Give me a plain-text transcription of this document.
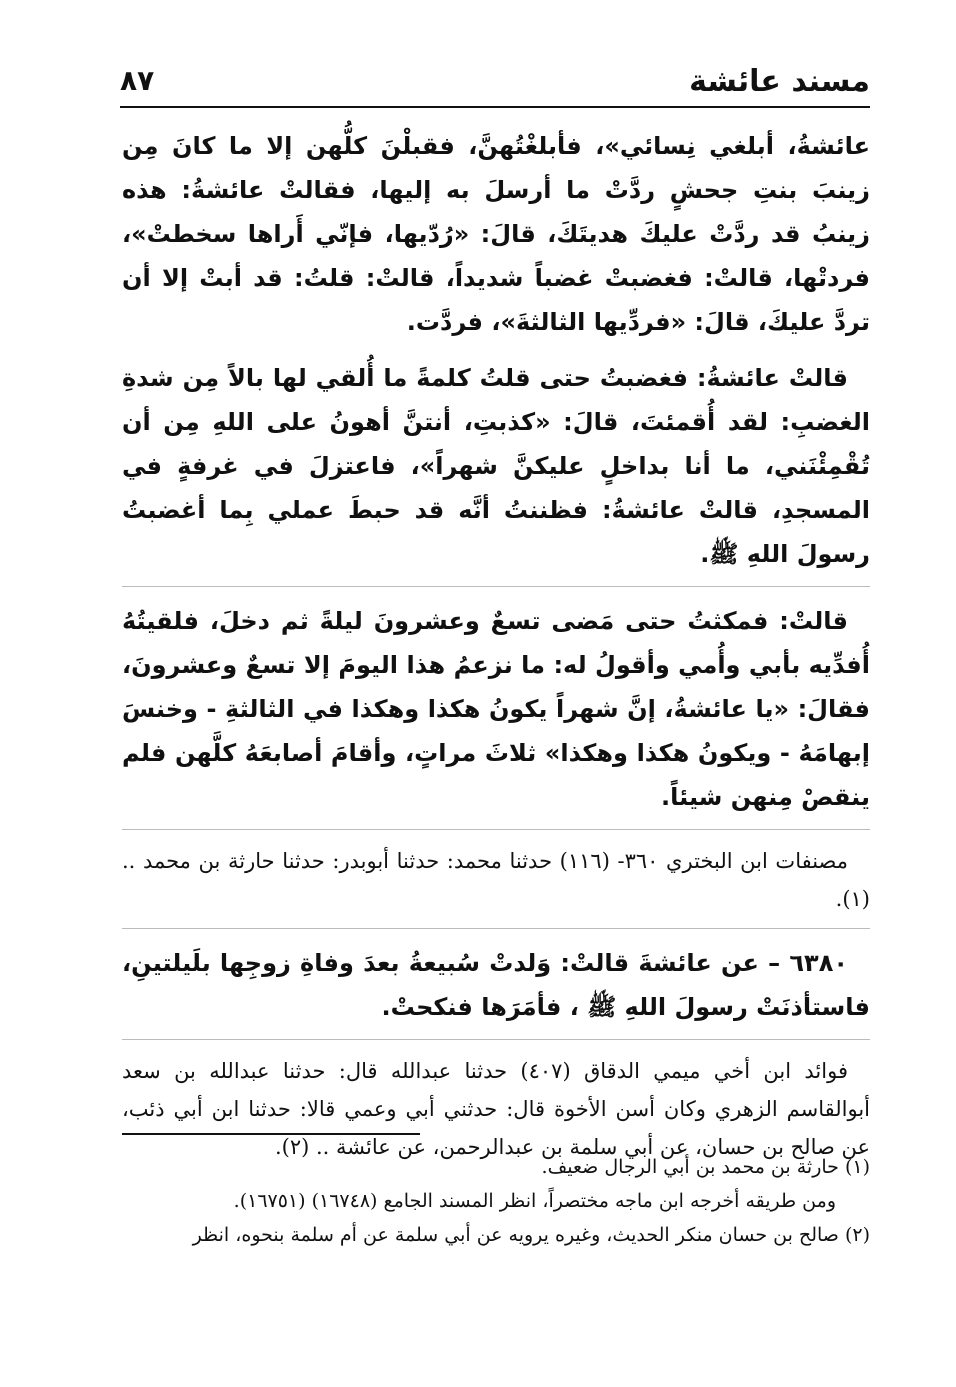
مسند عائشة
٨٧

عائشةُ، أبلغي نِسائي»، فأبلغْتُهنَّ، فقبلْنَ كلُّهن إلا ما كانَ مِن زينبَ بنتِ جحشٍ ردَّتْ ما أرسلَ به إليها، فقالتْ عائشةُ: هذه زينبُ قد ردَّتْ عليكَ هديتَكَ، قالَ: «رُدّيها، فإنّي أَراها سخطتْ»، فردتْها، قالتْ: فغضبتْ غضباً شديداً، قالتْ: قلتُ: قد أبتْ إلا أن تردَّ عليكَ، قالَ: «فردِّيها الثالثةَ»، فردَّت.

قالتْ عائشةُ: فغضبتُ حتى قلتُ كلمةً ما أُلقي لها بالاً مِن شدةِ الغضبِ: لقد أُقمئتَ، قالَ: «كذبتِ، أنتنَّ أهونُ على اللهِ مِن أن تُقْمِئْنَني، ما أنا بداخلٍ عليكنَّ شهراً»، فاعتزلَ في غرفةٍ في المسجدِ، قالتْ عائشةُ: فظننتُ أنَّه قد حبطَ عملي بِما أغضبتُ رسولَ اللهِ ﷺ.

قالتْ: فمكثتُ حتى مَضى تسعٌ وعشرونَ ليلةً ثم دخلَ، فلقيتُهُ أُفدِّيه بأبي وأُمي وأقولُ له: ما نزعمُ هذا اليومَ إلا تسعٌ وعشرونَ، فقالَ: «يا عائشةُ، إنَّ شهراً يكونُ هكذا وهكذا في الثالثةِ - وخنسَ إبهامَهُ - ويكونُ هكذا وهكذا» ثلاثَ مراتٍ، وأقامَ أصابعَهُ كلَّهن فلم ينقصْ مِنهن شيئاً.

مصنفات ابن البختري ٣٦٠- (١١٦) حدثنا محمد: حدثنا أبوبدر: حدثنا حارثة بن محمد .. (١).

٦٣٨٠ – عن عائشةَ قالتْ: وَلدتْ سُبيعةُ بعدَ وفاةِ زوجِها بلَيلتينِ، فاستأذنَتْ رسولَ اللهِ ﷺ ، فأمَرَها فنكحتْ.

فوائد ابن أخي ميمي الدقاق (٤٠٧) حدثنا عبدالله قال: حدثنا عبدالله بن سعد أبوالقاسم الزهري وكان أسن الأخوة قال: حدثني أبي وعمي قالا: حدثنا ابن أبي ذئب، عن صالح بن حسان، عن أبي سلمة بن عبدالرحمن، عن عائشة .. (٢).

(١) حارثة بن محمد بن أبي الرجال ضعيف.

ومن طريقه أخرجه ابن ماجه مختصراً، انظر المسند الجامع (١٦٧٤٨) (١٦٧٥١).

(٢) صالح بن حسان منكر الحديث، وغيره يرويه عن أبي سلمة عن أم سلمة بنحوه، انظر
